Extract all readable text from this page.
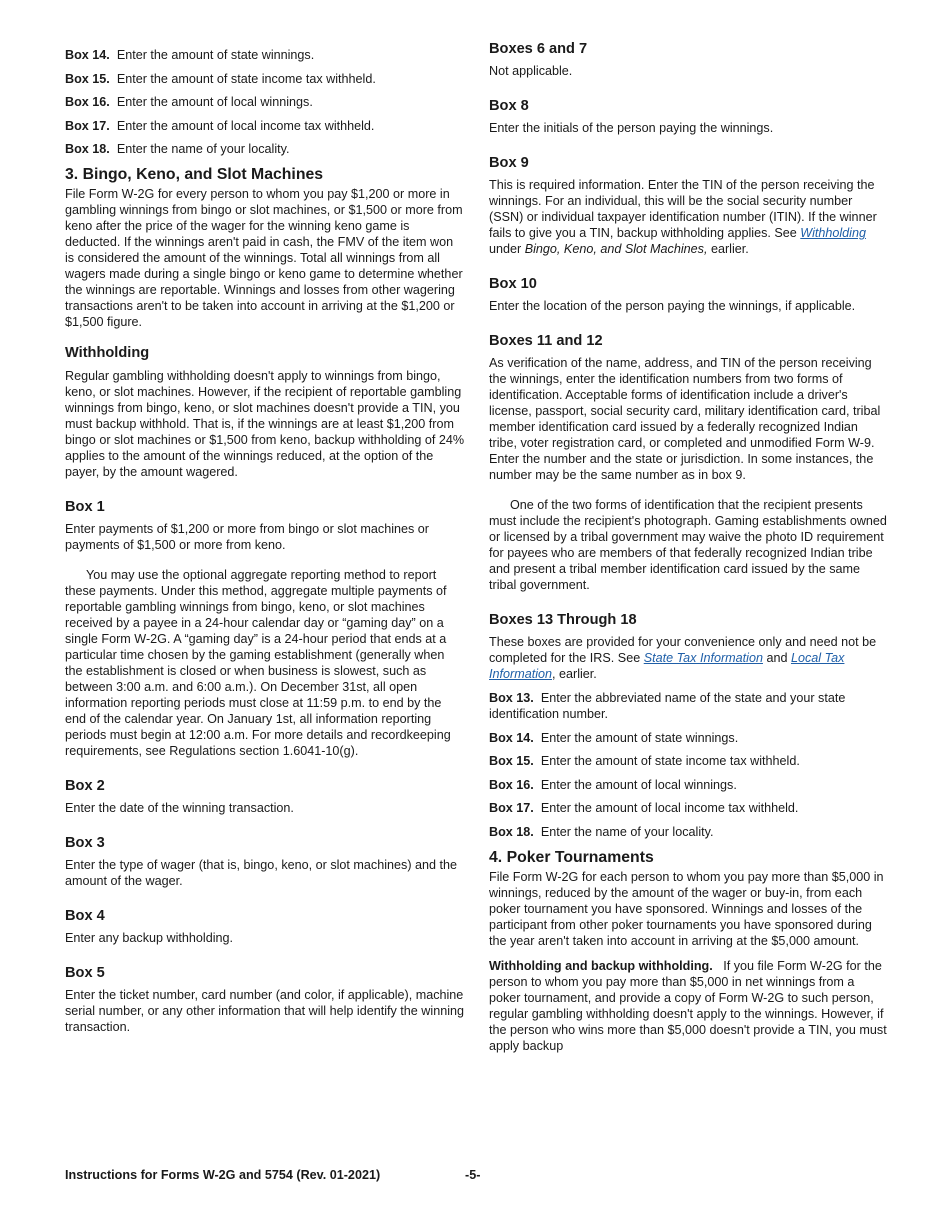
Box 14. Enter the amount of state winnings.

Box 15. Enter the amount of state income tax withheld.

Box 16. Enter the amount of local winnings.

Box 17. Enter the amount of local income tax withheld.

Box 18. Enter the name of your locality.

3. Bingo, Keno, and Slot Machines

File Form W-2G for every person to whom you pay $1,200 or more in gambling winnings from bingo or slot machines, or $1,500 or more from keno after the price of the wager for the winning keno game is deducted. If the winnings aren't paid in cash, the FMV of the item won is considered the amount of the winnings. Total all winnings from all wagers made during a single bingo or keno game to determine whether the winnings are reportable. Winnings and losses from other wagering transactions aren't to be taken into account in arriving at the $1,200 or $1,500 figure.

Withholding

Regular gambling withholding doesn't apply to winnings from bingo, keno, or slot machines. However, if the recipient of reportable gambling winnings from bingo, keno, or slot machines doesn't provide a TIN, you must backup withhold. That is, if the winnings are at least $1,200 from bingo or slot machines or $1,500 from keno, backup withholding of 24% applies to the amount of the winnings reduced, at the option of the payer, by the amount wagered.

Box 1

Enter payments of $1,200 or more from bingo or slot machines or payments of $1,500 or more from keno.

You may use the optional aggregate reporting method to report these payments. Under this method, aggregate multiple payments of reportable gambling winnings from bingo, keno, or slot machines received by a payee in a 24-hour calendar day or “gaming day” on a single Form W-2G. A “gaming day” is a 24-hour period that ends at a particular time chosen by the gaming establishment (generally when the establishment is closed or when business is slowest, such as between 3:00 a.m. and 6:00 a.m.). On December 31st, all open information reporting periods must close at 11:59 p.m. to end by the end of the calendar year. On January 1st, all information reporting periods must begin at 12:00 a.m. For more details and recordkeeping requirements, see Regulations section 1.6041-10(g).

Box 2

Enter the date of the winning transaction.

Box 3

Enter the type of wager (that is, bingo, keno, or slot machines) and the amount of the wager.

Box 4

Enter any backup withholding.

Box 5

Enter the ticket number, card number (and color, if applicable), machine serial number, or any other information that will help identify the winning transaction.

Boxes 6 and 7

Not applicable.

Box 8

Enter the initials of the person paying the winnings.

Box 9

This is required information. Enter the TIN of the person receiving the winnings. For an individual, this will be the social security number (SSN) or individual taxpayer identification number (ITIN). If the winner fails to give you a TIN, backup withholding applies. See Withholding under Bingo, Keno, and Slot Machines, earlier.

Box 10

Enter the location of the person paying the winnings, if applicable.

Boxes 11 and 12

As verification of the name, address, and TIN of the person receiving the winnings, enter the identification numbers from two forms of identification. Acceptable forms of identification include a driver's license, passport, social security card, military identification card, tribal member identification card issued by a federally recognized Indian tribe, voter registration card, or completed and unmodified Form W-9. Enter the number and the state or jurisdiction. In some instances, the number may be the same number as in box 9.

One of the two forms of identification that the recipient presents must include the recipient's photograph. Gaming establishments owned or licensed by a tribal government may waive the photo ID requirement for payees who are members of that federally recognized Indian tribe and present a tribal member identification card issued by the same tribal government.

Boxes 13 Through 18

These boxes are provided for your convenience only and need not be completed for the IRS. See State Tax Information and Local Tax Information, earlier.

Box 13. Enter the abbreviated name of the state and your state identification number.

Box 14. Enter the amount of state winnings.

Box 15. Enter the amount of state income tax withheld.

Box 16. Enter the amount of local winnings.

Box 17. Enter the amount of local income tax withheld.

Box 18. Enter the name of your locality.

4. Poker Tournaments

File Form W-2G for each person to whom you pay more than $5,000 in winnings, reduced by the amount of the wager or buy-in, from each poker tournament you have sponsored. Winnings and losses of the participant from other poker tournaments you have sponsored during the year aren't taken into account in arriving at the $5,000 amount.

Withholding and backup withholding. If you file Form W-2G for the person to whom you pay more than $5,000 in net winnings from a poker tournament, and provide a copy of Form W-2G to such person, regular gambling withholding doesn't apply to the winnings. However, if the person who wins more than $5,000 doesn't provide a TIN, you must apply backup

Instructions for Forms W-2G and 5754 (Rev. 01-2021)	-5-
